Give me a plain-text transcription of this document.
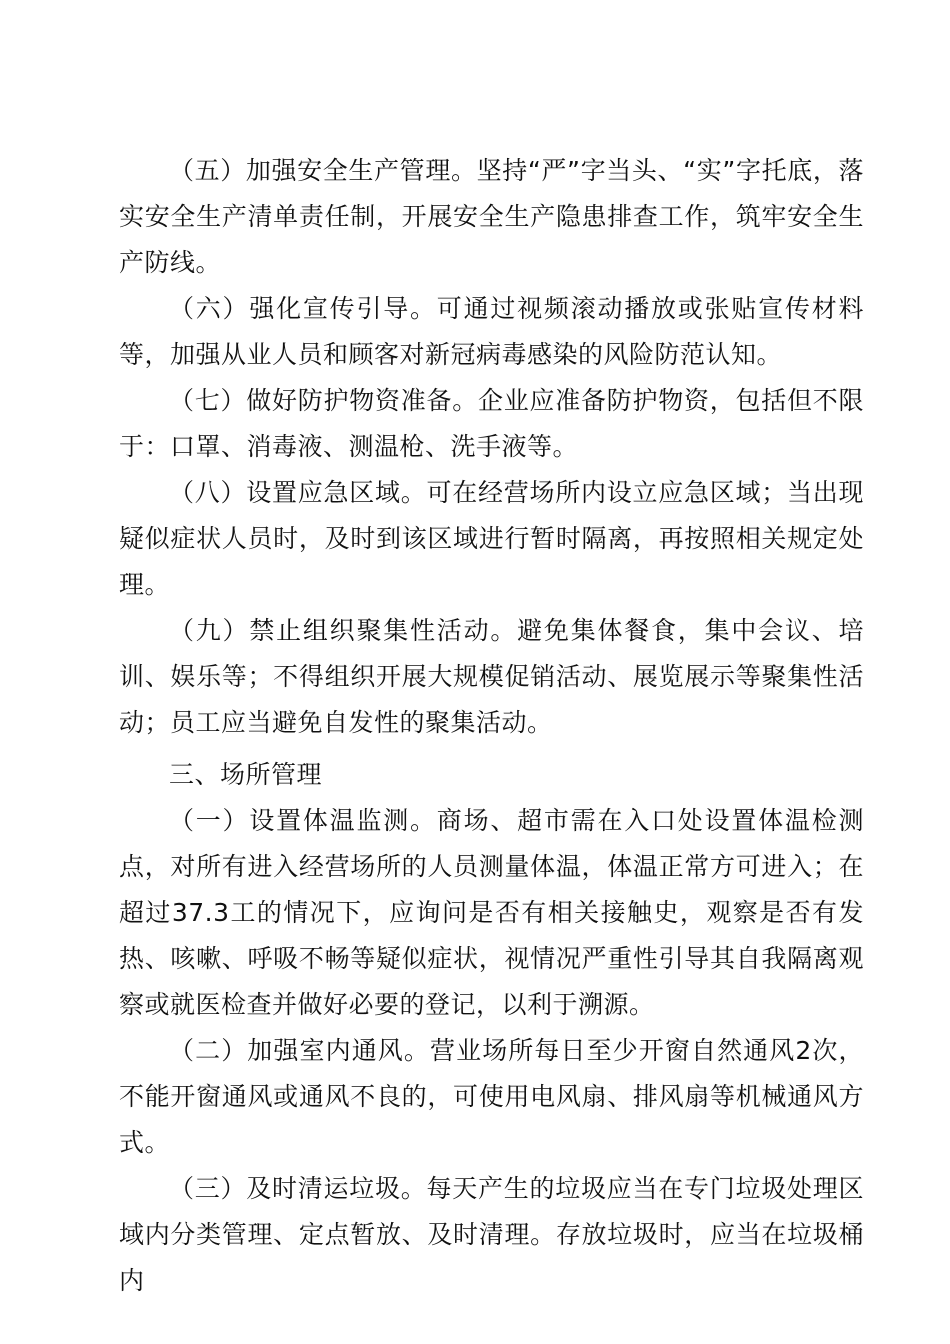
（五）加强安全生产管理。坚持“严”字当头、“实”字托底，落实安全生产清单责任制，开展安全生产隐患排查工作，筑牢安全生产防线。

（六）强化宣传引导。可通过视频滚动播放或张贴宣传材料等，加强从业人员和顾客对新冠病毒感染的风险防范认知。

（七）做好防护物资准备。企业应准备防护物资，包括但不限于：口罩、消毒液、测温枪、洗手液等。

（八）设置应急区域。可在经营场所内设立应急区域；当出现疑似症状人员时，及时到该区域进行暂时隔离，再按照相关规定处理。

（九）禁止组织聚集性活动。避免集体餐食，集中会议、培训、娱乐等；不得组织开展大规模促销活动、展览展示等聚集性活动；员工应当避免自发性的聚集活动。

三、场所管理

（一）设置体温监测。商场、超市需在入口处设置体温检测点，对所有进入经营场所的人员测量体温，体温正常方可进入；在超过37.3工的情况下，应询问是否有相关接触史，观察是否有发热、咳嗽、呼吸不畅等疑似症状，视情况严重性引导其自我隔离观察或就医检查并做好必要的登记，以利于溯源。

（二）加强室内通风。营业场所每日至少开窗自然通风2次，不能开窗通风或通风不良的，可使用电风扇、排风扇等机械通风方式。

（三）及时清运垃圾。每天产生的垃圾应当在专门垃圾处理区域内分类管理、定点暂放、及时清理。存放垃圾时，应当在垃圾桶内
